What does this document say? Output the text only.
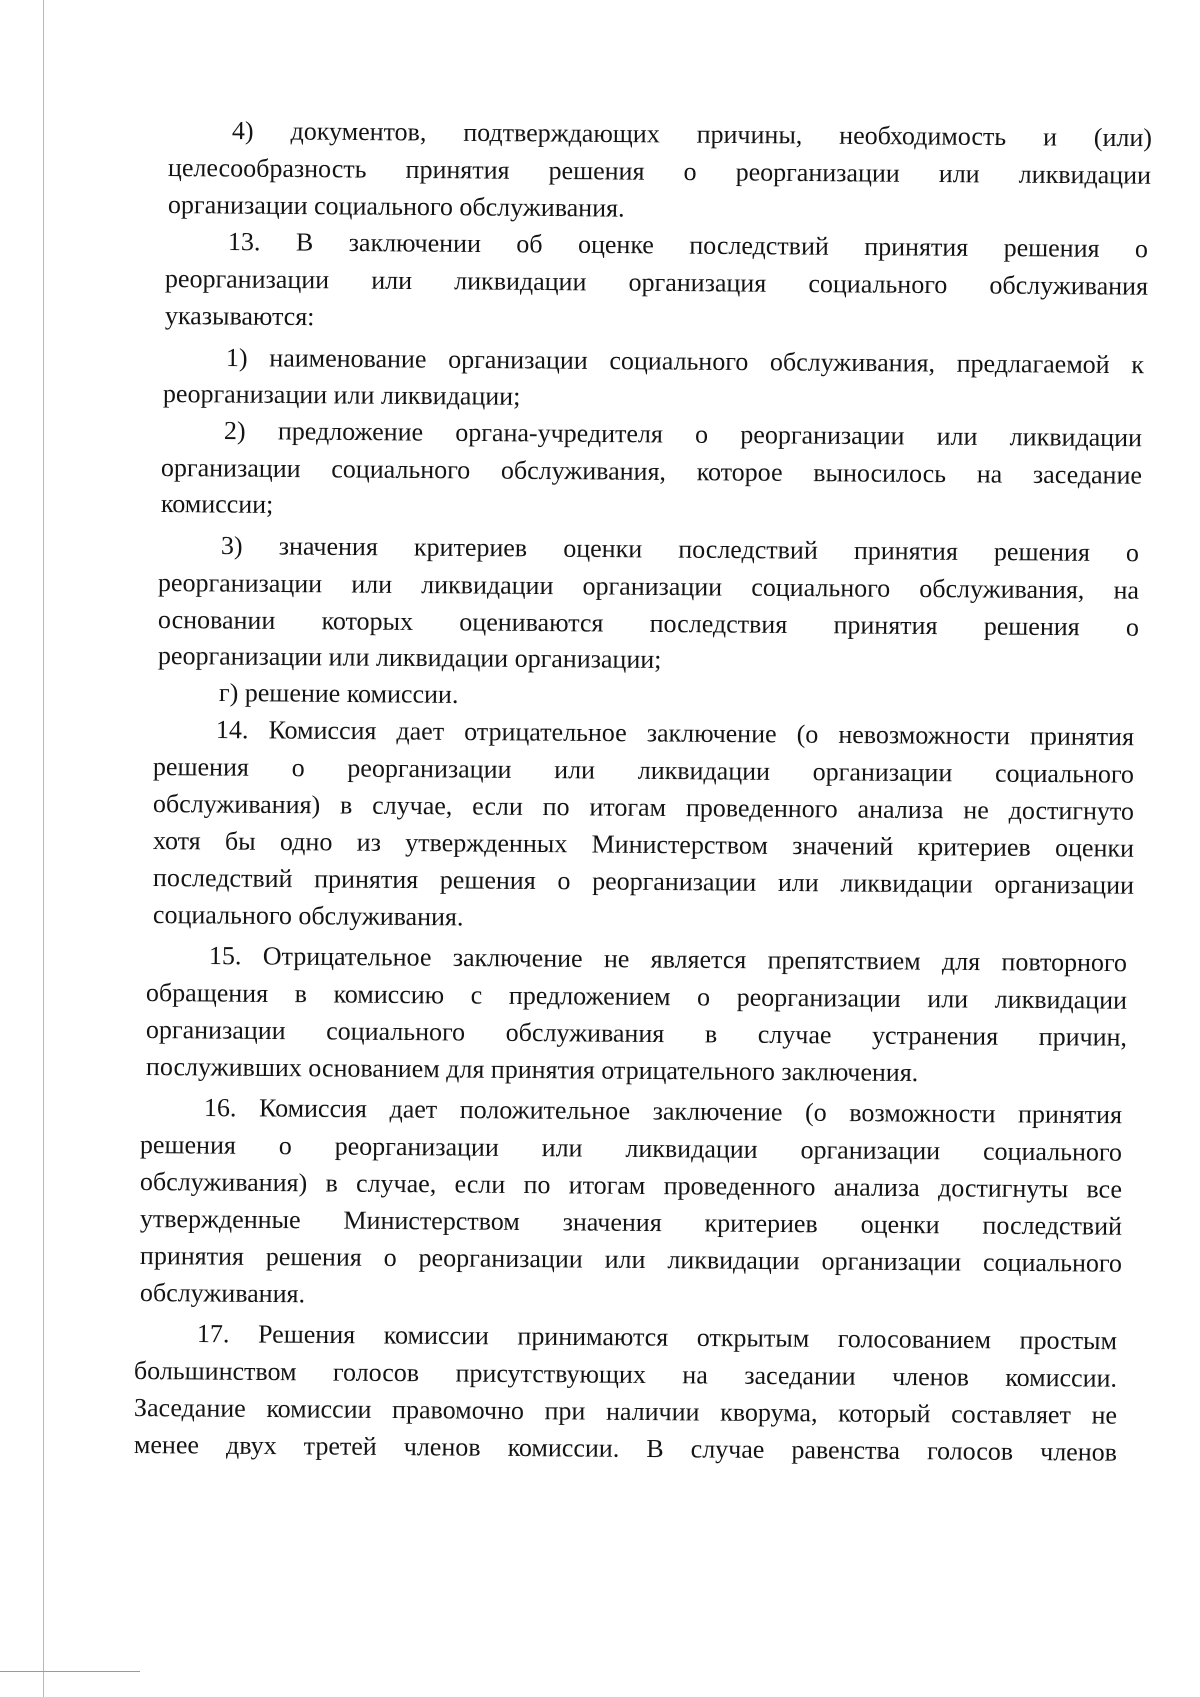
4) документов, подтверждающих причины, необходимость и (или)
целесообразность принятия решения о реорганизации или ликвидации
организации социального обслуживания.
13. В заключении об оценке последствий принятия решения о
реорганизации или ликвидации организация социального обслуживания
указываются:
1) наименование организации социального обслуживания, предлагаемой к
реорганизации или ликвидации;
2) предложение органа-учредителя о реорганизации или ликвидации
организации социального обслуживания, которое выносилось на заседание
комиссии;
3) значения критериев оценки последствий принятия решения о
реорганизации или ликвидации организации социального обслуживания, на
основании которых оцениваются последствия принятия решения о
реорганизации или ликвидации организации;
г) решение комиссии.
14. Комиссия дает отрицательное заключение (о невозможности принятия
решения о реорганизации или ликвидации организации социального
обслуживания) в случае, если по итогам проведенного анализа не достигнуто
хотя бы одно из утвержденных Министерством значений критериев оценки
последствий принятия решения о реорганизации или ликвидации организации
социального обслуживания.
15. Отрицательное заключение не является препятствием для повторного
обращения в комиссию с предложением о реорганизации или ликвидации
организации социального обслуживания в случае устранения причин,
послуживших основанием для принятия отрицательного заключения.
16. Комиссия дает положительное заключение (о возможности принятия
решения о реорганизации или ликвидации организации социального
обслуживания) в случае, если по итогам проведенного анализа достигнуты все
утвержденные Министерством значения критериев оценки последствий
принятия решения о реорганизации или ликвидации организации социального
обслуживания.
17. Решения комиссии принимаются открытым голосованием простым
большинством голосов присутствующих на заседании членов комиссии.
Заседание комиссии правомочно при наличии кворума, который составляет не
менее двух третей членов комиссии. В случае равенства голосов членов
